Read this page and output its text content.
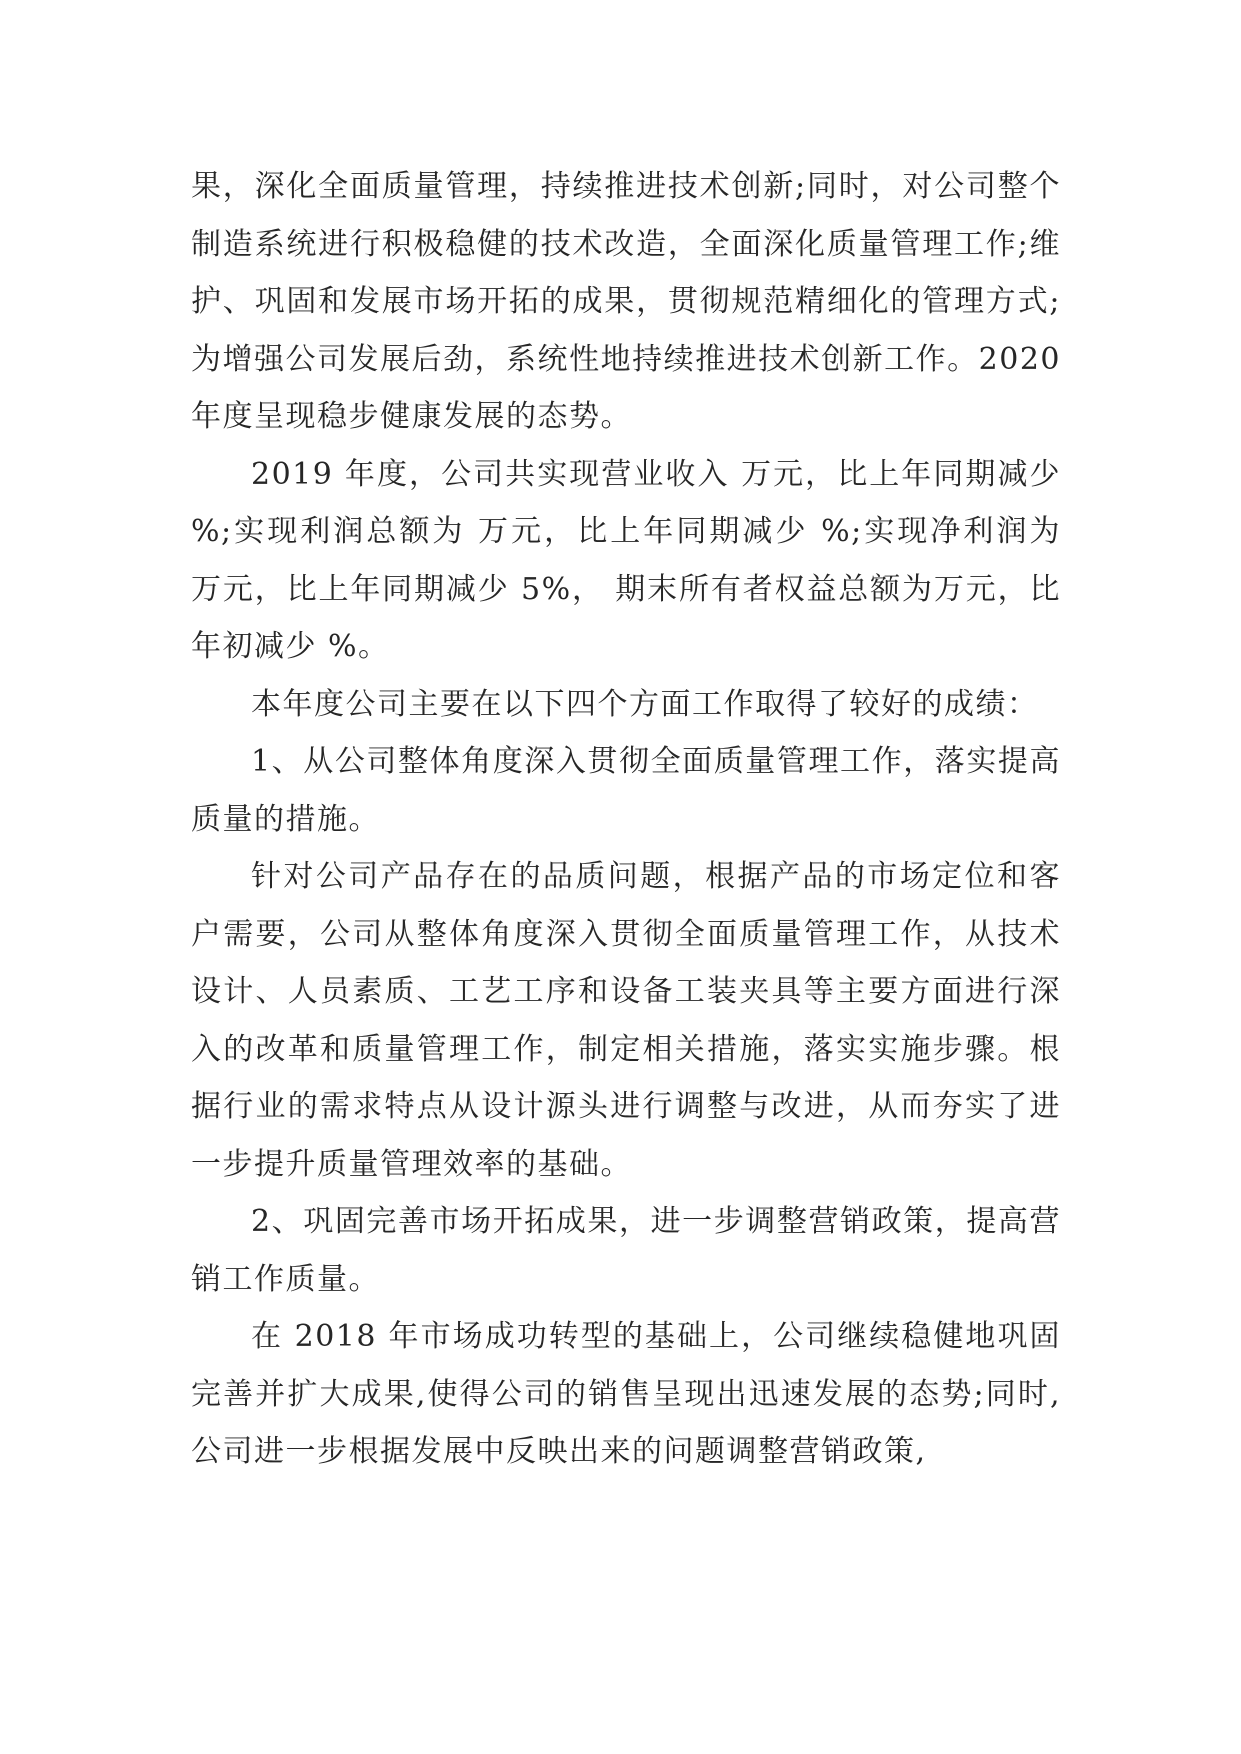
果，深化全面质量管理，持续推进技术创新;同时，对公司整个制造系统进行积极稳健的技术改造，全面深化质量管理工作;维护、巩固和发展市场开拓的成果，贯彻规范精细化的管理方式;为增强公司发展后劲，系统性地持续推进技术创新工作。2020 年度呈现稳步健康发展的态势。

2019 年度，公司共实现营业收入 万元，比上年同期减少 %;实现利润总额为 万元，比上年同期减少 %;实现净利润为 万元，比上年同期减少 5%， 期末所有者权益总额为万元，比年初减少 %。

本年度公司主要在以下四个方面工作取得了较好的成绩：

1、从公司整体角度深入贯彻全面质量管理工作，落实提高质量的措施。

针对公司产品存在的品质问题，根据产品的市场定位和客户需要，公司从整体角度深入贯彻全面质量管理工作，从技术设计、人员素质、工艺工序和设备工装夹具等主要方面进行深入的改革和质量管理工作，制定相关措施，落实实施步骤。根据行业的需求特点从设计源头进行调整与改进，从而夯实了进一步提升质量管理效率的基础。

2、巩固完善市场开拓成果，进一步调整营销政策，提高营销工作质量。

在 2018 年市场成功转型的基础上，公司继续稳健地巩固完善并扩大成果,使得公司的销售呈现出迅速发展的态势;同时,公司进一步根据发展中反映出来的问题调整营销政策,
